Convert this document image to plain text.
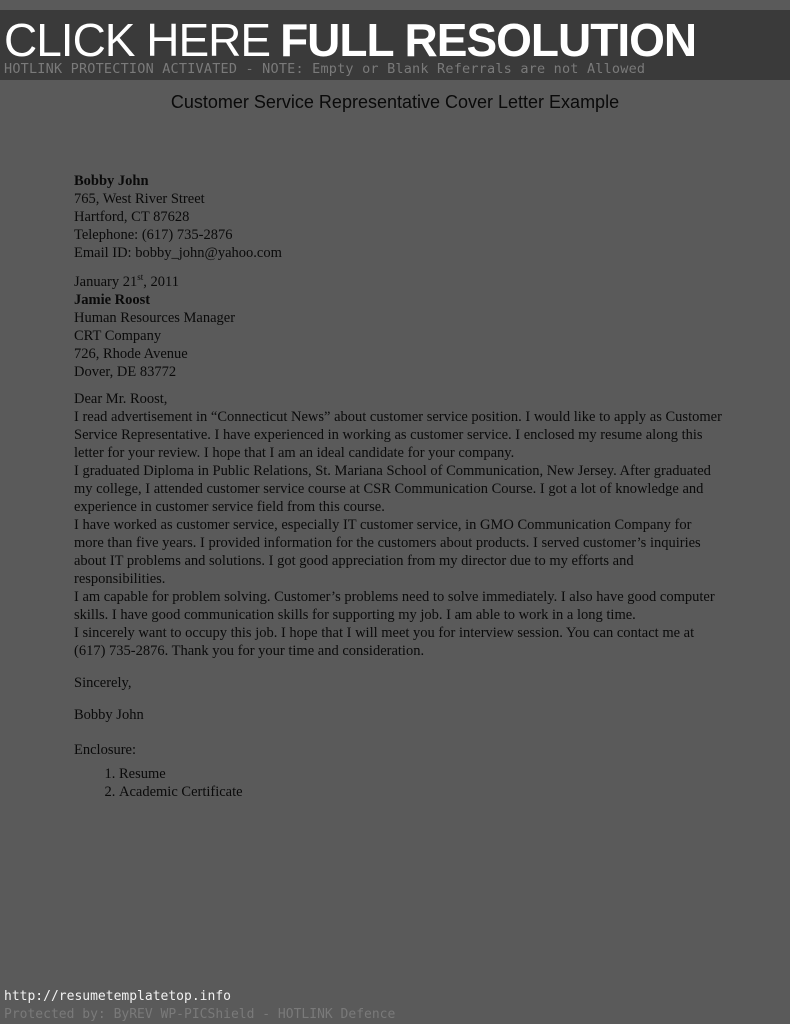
CLICK HERE FULL RESOLUTION
HOTLINK PROTECTION ACTIVATED - NOTE: Empty or Blank Referrals are not Allowed
Customer Service Representative Cover Letter Example

Bobby John

765, West River Street

Hartford, CT 87628

Telephone: (617) 735-2876

Email ID: bobby_john@yahoo.com

January 21st, 2011

Jamie Roost

Human Resources Manager

CRT Company

726, Rhode Avenue

Dover, DE 83772

Dear Mr. Roost,

I read advertisement in “Connecticut News” about customer service position. I would like to apply as Customer Service Representative. I have experienced in working as customer service. I enclosed my resume along this letter for your review. I hope that I am an ideal candidate for your company.

I graduated Diploma in Public Relations, St. Mariana School of Communication, New Jersey. After graduated my college, I attended customer service course at CSR Communication Course. I got a lot of knowledge and experience in customer service field from this course.

I have worked as customer service, especially IT customer service, in GMO Communication Company for more than five years. I provided information for the customers about products. I served customer’s inquiries about IT problems and solutions. I got good appreciation from my director due to my efforts and responsibilities.

I am capable for problem solving. Customer’s problems need to solve immediately. I also have good computer skills. I have good communication skills for supporting my job. I am able to work in a long time.

I sincerely want to occupy this job. I hope that I will meet you for interview session. You can contact me at (617) 735-2876. Thank you for your time and consideration.

Sincerely,

Bobby John

Enclosure:

1. Resume
2. Academic Certificate
http://resumetemplatetop.info
Protected by: ByREV WP-PICShield - HOTLINK Defence
